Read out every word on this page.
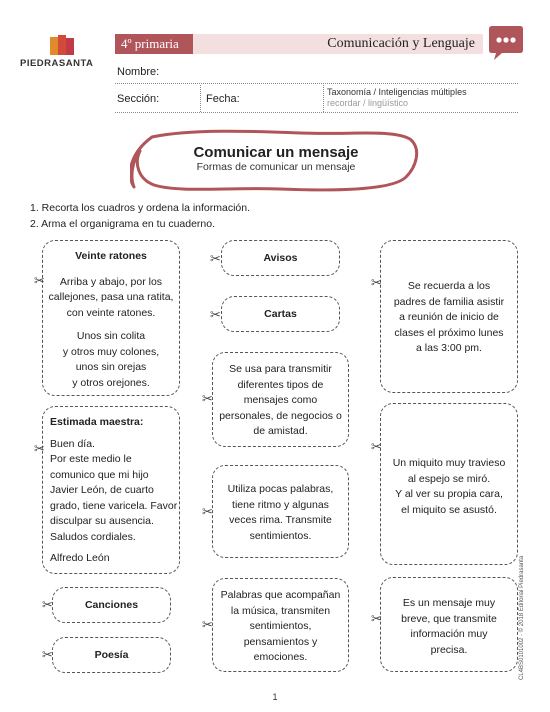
PIEDRASANTA
4º primaria	Comunicación y Lenguaje
Nombre:
Sección:	Fecha:
Taxonomía / Inteligencias múltiples
recordar / lingüístico
Comunicar un mensaje
Formas de comunicar un mensaje
1. Recorta los cuadros y ordena la información.
2. Arma el organigrama en tu cuaderno.
Veinte ratones
Arriba y abajo, por los
callejones, pasa una ratita,
con veinte ratones.
Unos sin colita
y otros muy colones,
unos sin orejas
y otros orejones.
✂
Estimada maestra:
Buen día.
Por este medio le
comunico que mi hijo
Javier León, de cuarto
grado, tiene varicela. Favor
disculpar su ausencia.
Saludos cordiales.
Alfredo León
✂
Canciones
✂
Poesía
✂
Avisos
✂
Cartas
✂
Se usa para transmitir
diferentes tipos de
mensajes como
personales, de negocios o
de amistad.
✂
Utiliza pocas palabras,
tiene ritmo y algunas
veces rima. Transmite
sentimientos.
✂
Palabras que acompañan
la música, transmiten
sentimientos,
pensamientos y
emociones.
✂
Se recuerda a los
padres de familia asistir
a reunión de inicio de
clases el próximo lunes
a las 3:00 pm.
✂
Un miquito muy travieso
al espejo se miró.
Y al ver su propia cara,
el miquito se asustó.
✂
Es un mensaje muy
breve, que transmite
información muy
precisa.
✂	CL4BS0101002 · © 2018 Editorial Piedrasanta
1
